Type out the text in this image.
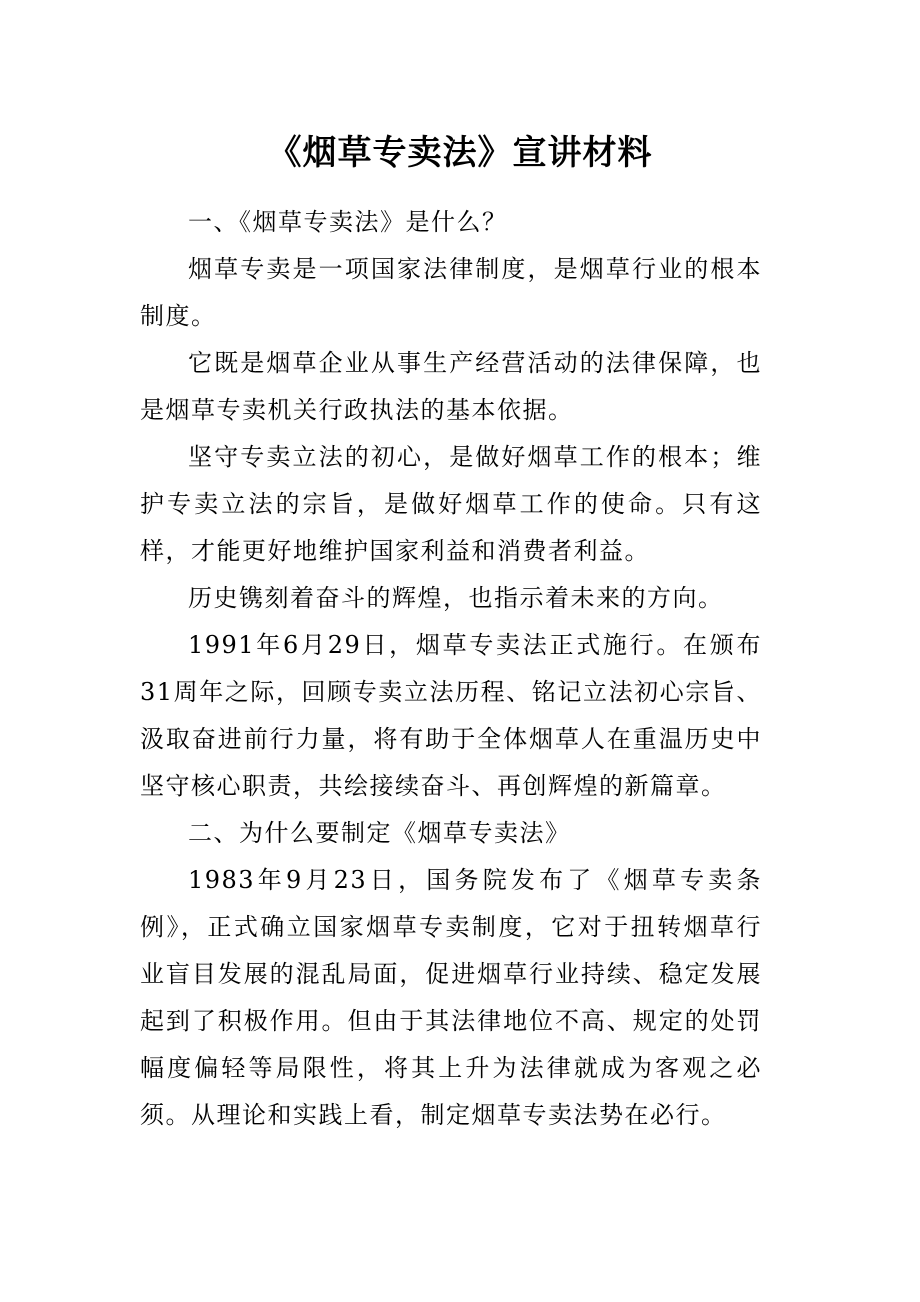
《烟草专卖法》宣讲材料

一、《烟草专卖法》是什么？

烟草专卖是一项国家法律制度，是烟草行业的根本制度。

它既是烟草企业从事生产经营活动的法律保障，也是烟草专卖机关行政执法的基本依据。

坚守专卖立法的初心，是做好烟草工作的根本；维护专卖立法的宗旨，是做好烟草工作的使命。只有这样，才能更好地维护国家利益和消费者利益。

历史镌刻着奋斗的辉煌，也指示着未来的方向。

1991年6月29日，烟草专卖法正式施行。在颁布31周年之际，回顾专卖立法历程、铭记立法初心宗旨、汲取奋进前行力量，将有助于全体烟草人在重温历史中坚守核心职责，共绘接续奋斗、再创辉煌的新篇章。

二、为什么要制定《烟草专卖法》

1983年9月23日，国务院发布了《烟草专卖条例》，正式确立国家烟草专卖制度，它对于扭转烟草行业盲目发展的混乱局面，促进烟草行业持续、稳定发展起到了积极作用。但由于其法律地位不高、规定的处罚幅度偏轻等局限性，将其上升为法律就成为客观之必须。从理论和实践上看，制定烟草专卖法势在必行。
